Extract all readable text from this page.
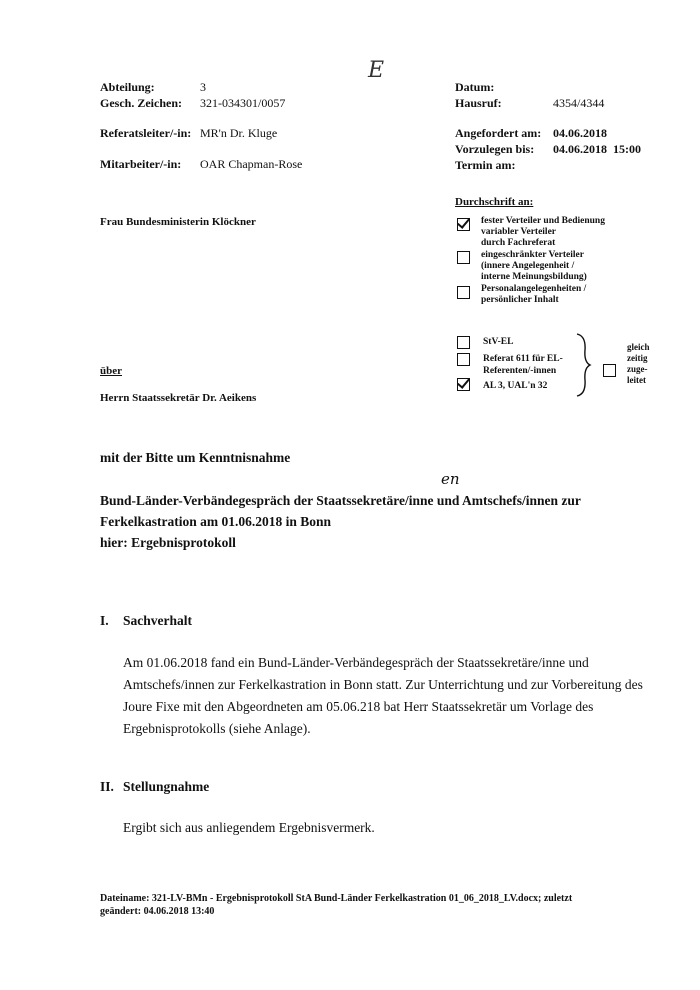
Abteilung:	3
Gesch. Zeichen: 321-034301/0057
Referatsleiter/-in: MR'n Dr. Kluge
Mitarbeiter/-in: OAR Chapman-Rose
E
Datum:
Hausruf:	4354/4344
Angefordert am: 04.06.2018
Vorzulegen bis: 04.06.2018  15:00
Termin am:
Frau Bundesministerin Klöckner
Durchschrift an:
fester Verteiler und Bedienung
variabler Verteiler
durch Fachreferat
eingeschränkter Verteiler
(innere Angelegenheit /
interne Meinungsbildung)
Personalangelegenheiten /
persönlicher Inhalt
über
Herrn Staatssekretär Dr. Aeikens
StV-EL
Referat 611 für EL-
Referenten/-innen
AL 3, UAL'n 32
gleich
zeitig
zuge-
leitet
mit der Bitte um Kenntnisnahme
en
Bund-Länder-Verbändegespräch der Staatssekretäre/inne und Amtschefs/innen zur
Ferkelkastration am 01.06.2018 in Bonn
hier: Ergebnisprotokoll
I. Sachverhalt
Am 01.06.2018 fand ein Bund-Länder-Verbändegespräch der Staatssekretäre/inne und Amtschefs/innen zur Ferkelkastration in Bonn statt. Zur Unterrichtung und zur Vorbereitung des Joure Fixe mit den Abgeordneten am 05.06.218 bat Herr Staatssekretär um Vorlage des Ergebnisprotokolls (siehe Anlage).
II. Stellungnahme
Ergibt sich aus anliegendem Ergebnisvermerk.
Dateiname: 321-LV-BMn - Ergebnisprotokoll StA Bund-Länder Ferkelkastration 01_06_2018_LV.docx; zuletzt
geändert: 04.06.2018 13:40
